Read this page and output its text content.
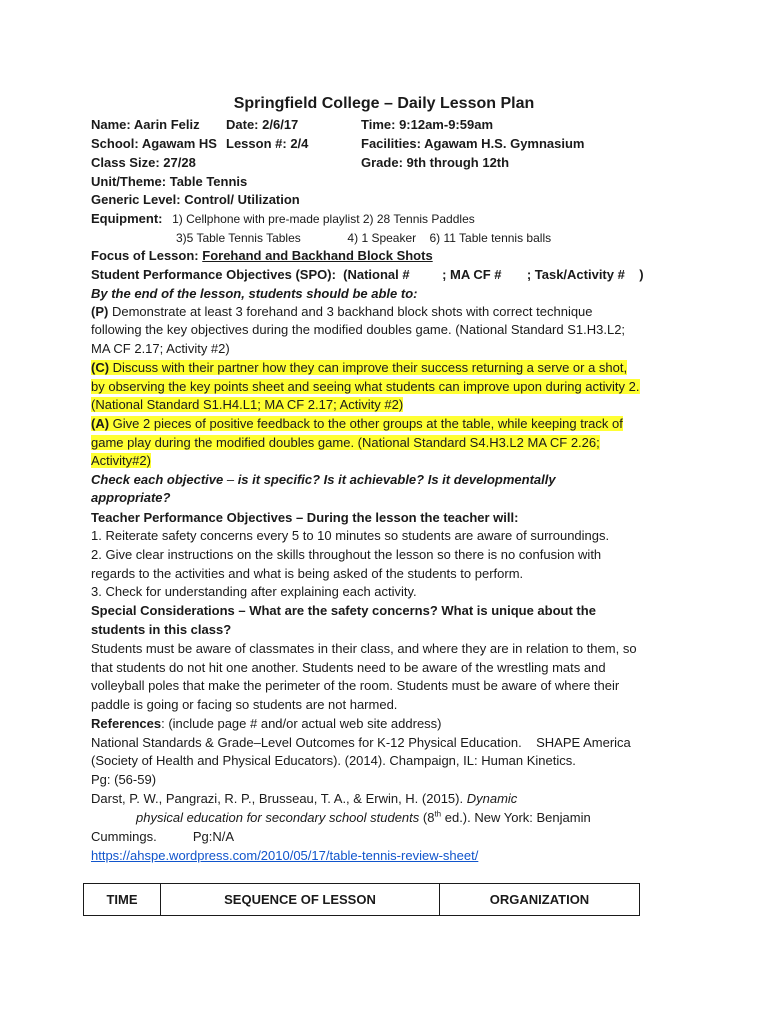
Springfield College – Daily Lesson Plan
Name: Aarin Feliz Date: 2/6/17	Time: 9:12am-9:59am
School: Agawam HS Lesson #: 2/4	Facilities: Agawam H.S. Gymnasium
Class Size: 27/28	Grade: 9th through 12th
Unit/Theme: Table Tennis
Generic Level: Control/ Utilization
Equipment: 1) Cellphone with pre-made playlist 2) 28 Tennis Paddles
3)5 Table Tennis Tables              4) 1 Speaker    6) 11 Table tennis balls
Focus of Lesson: Forehand and Backhand Block Shots
Student Performance Objectives (SPO):  (National #         ; MA CF #       ; Task/Activity #    )
By the end of the lesson, students should be able to:
(P) Demonstrate at least 3 forehand and 3 backhand block shots with correct technique
following the key objectives during the modified doubles game. (National Standard S1.H3.L2;
MA CF 2.17; Activity #2)
(C) Discuss with their partner how they can improve their success returning a serve or a shot,
by observing the key points sheet and seeing what students can improve upon during activity 2.
(National Standard S1.H4.L1; MA CF 2.17; Activity #2)
(A) Give 2 pieces of positive feedback to the other groups at the table, while keeping track of
game play during the modified doubles game. (National Standard S4.H3.L2 MA CF 2.26;
Activity#2)
Check each objective – is it specific? Is it achievable? Is it developmentally
appropriate?
Teacher Performance Objectives – During the lesson the teacher will:
1. Reiterate safety concerns every 5 to 10 minutes so students are aware of surroundings.
2. Give clear instructions on the skills throughout the lesson so there is no confusion with
regards to the activities and what is being asked of the students to perform.
3. Check for understanding after explaining each activity.
Special Considerations – What are the safety concerns? What is unique about the
students in this class?
Students must be aware of classmates in their class, and where they are in relation to them, so
that students do not hit one another. Students need to be aware of the wrestling mats and
volleyball poles that make the perimeter of the room. Students must be aware of where their
paddle is going or facing so students are not harmed.
References: (include page # and/or actual web site address)
National Standards & Grade–Level Outcomes for K-12 Physical Education.    SHAPE America
(Society of Health and Physical Educators). (2014). Champaign, IL: Human Kinetics.
Pg: (56-59)
Darst, P. W., Pangrazi, R. P., Brusseau, T. A., & Erwin, H. (2015). Dynamic
physical education for secondary school students (8th ed.). New York: Benjamin
Cummings.          Pg:N/A
https://ahspe.wordpress.com/2010/05/17/table-tennis-review-sheet/
TIME	SEQUENCE OF LESSON	ORGANIZATION
